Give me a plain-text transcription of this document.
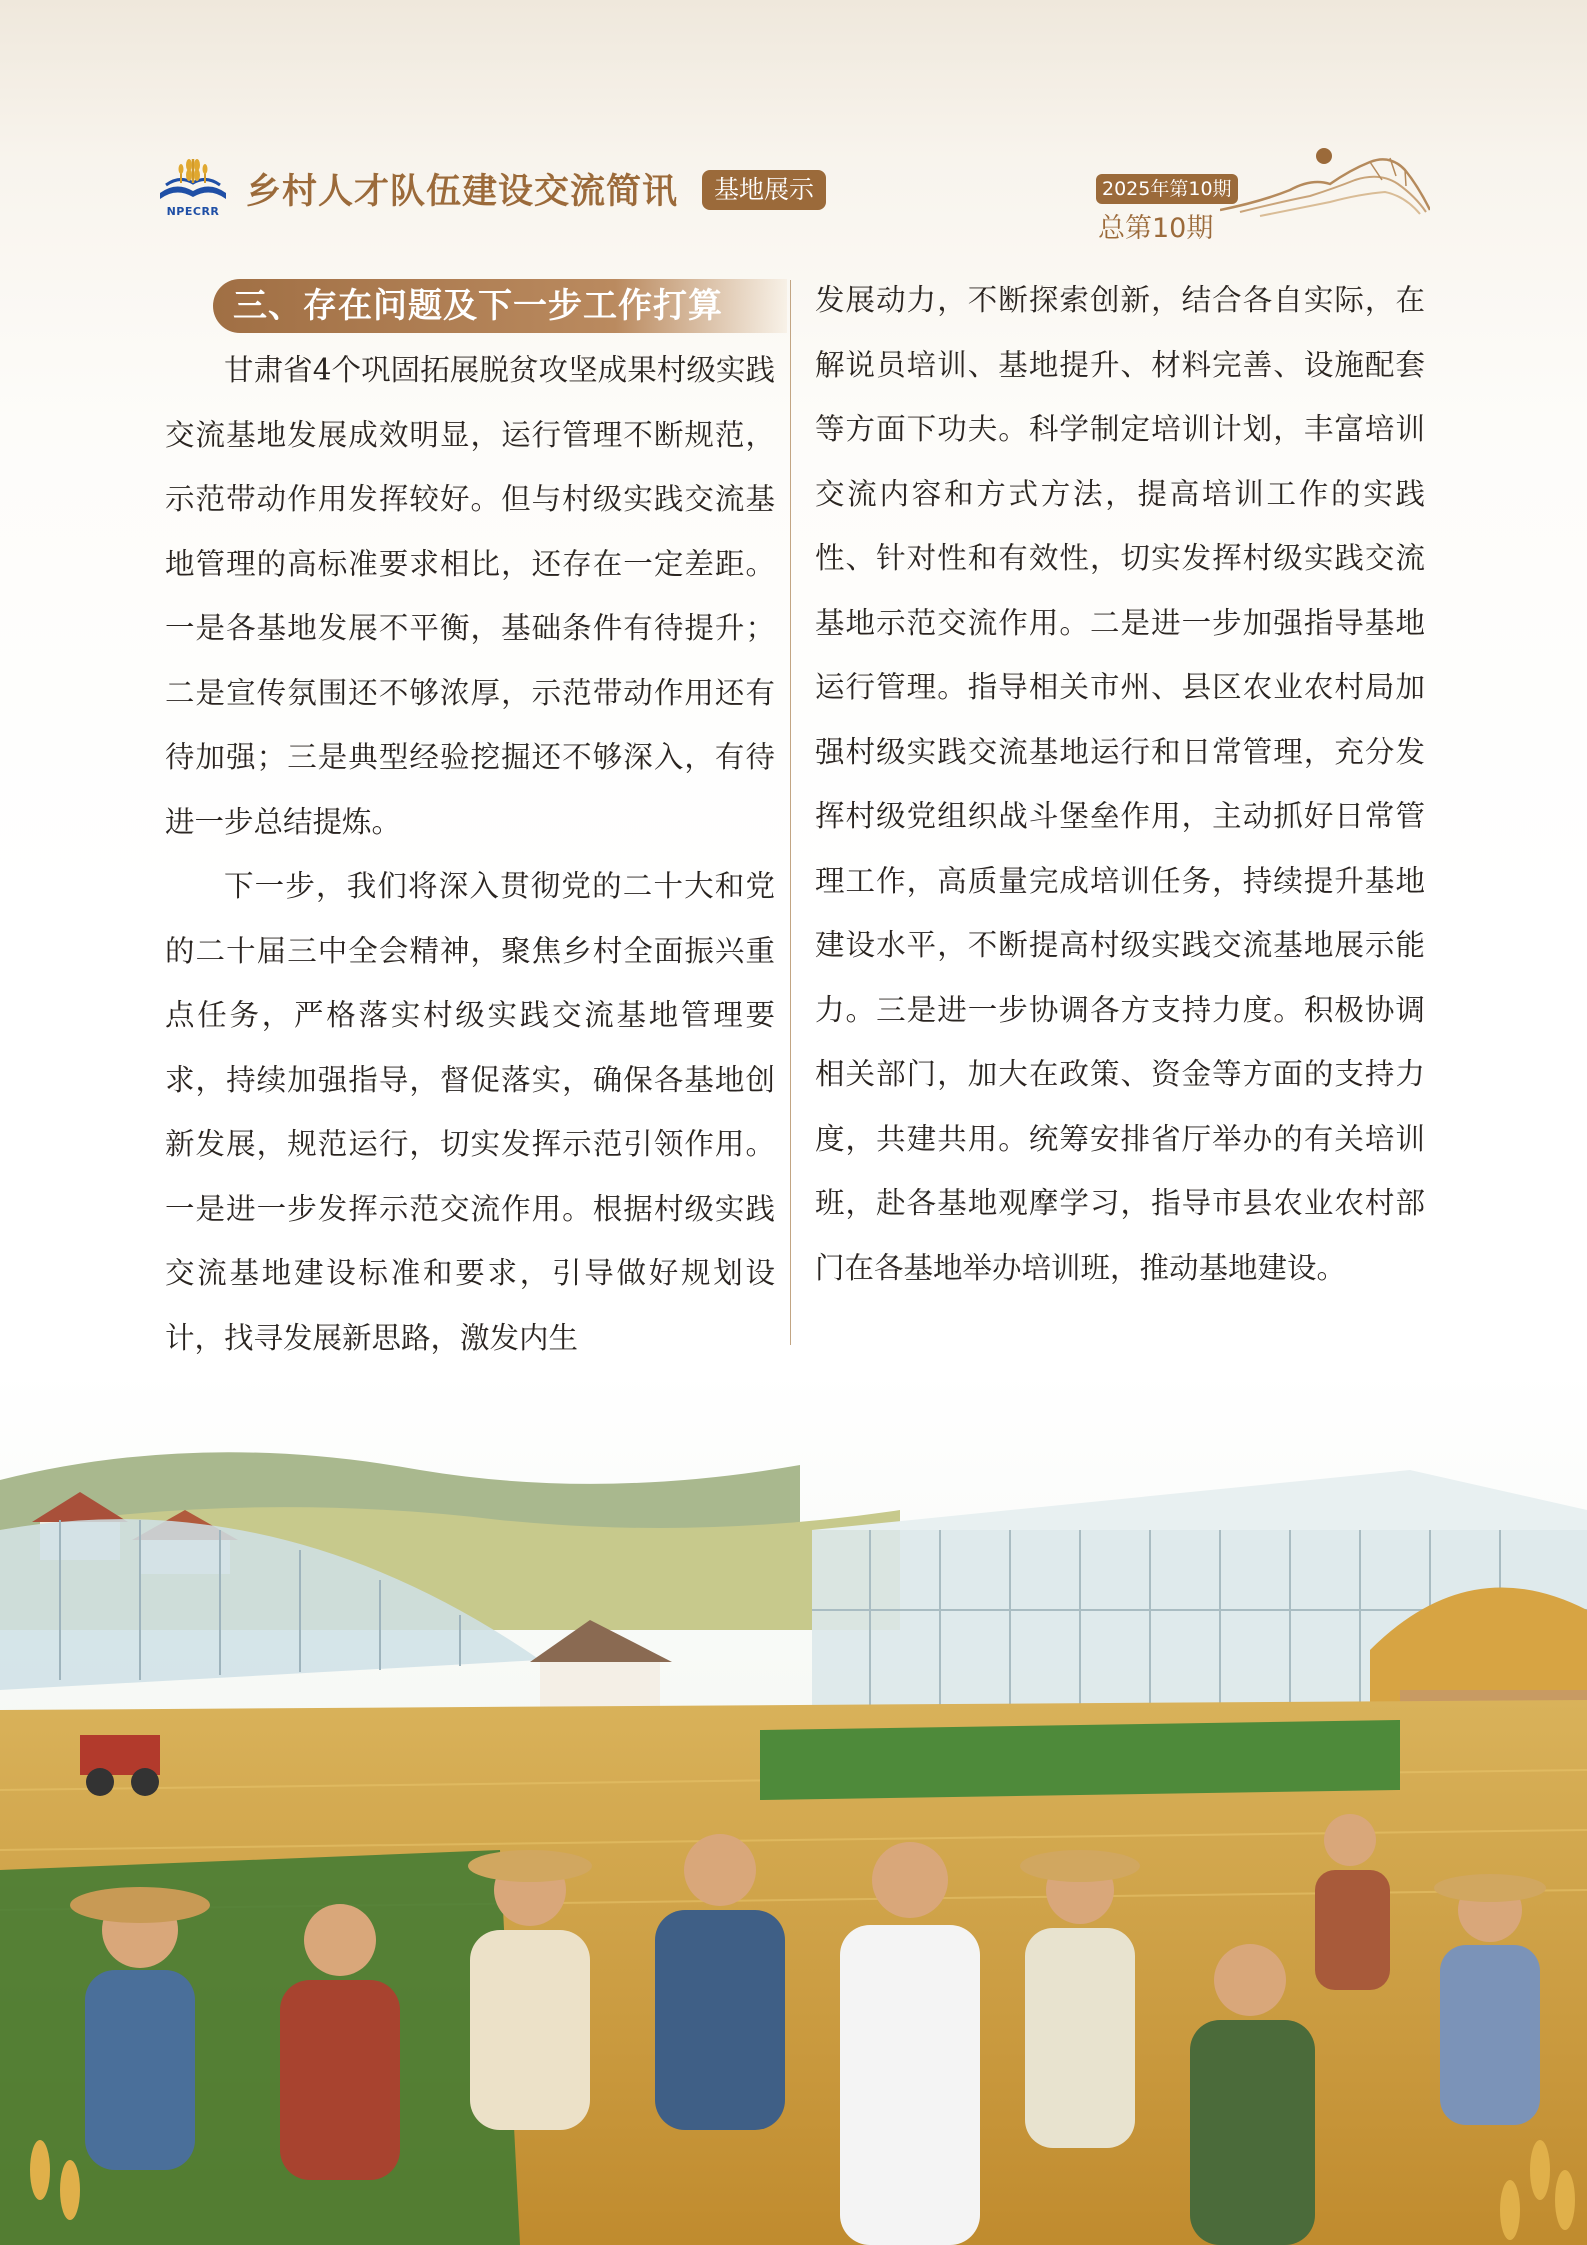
NPECRR 乡村人才队伍建设交流简讯	基地展示	2025年第10期
总第10期
三、存在问题及下一步工作打算

甘肃省4个巩固拓展脱贫攻坚成果村级实践交流基地发展成效明显，运行管理不断规范，示范带动作用发挥较好。但与村级实践交流基地管理的高标准要求相比，还存在一定差距。一是各基地发展不平衡，基础条件有待提升；二是宣传氛围还不够浓厚，示范带动作用还有待加强；三是典型经验挖掘还不够深入，有待进一步总结提炼。

下一步，我们将深入贯彻党的二十大和党的二十届三中全会精神，聚焦乡村全面振兴重点任务，严格落实村级实践交流基地管理要求，持续加强指导，督促落实，确保各基地创新发展，规范运行，切实发挥示范引领作用。一是进一步发挥示范交流作用。根据村级实践交流基地建设标准和要求，引导做好规划设计，找寻发展新思路，激发内生

发展动力，不断探索创新，结合各自实际，在解说员培训、基地提升、材料完善、设施配套等方面下功夫。科学制定培训计划，丰富培训交流内容和方式方法，提高培训工作的实践性、针对性和有效性，切实发挥村级实践交流基地示范交流作用。二是进一步加强指导基地运行管理。指导相关市州、县区农业农村局加强村级实践交流基地运行和日常管理，充分发挥村级党组织战斗堡垒作用，主动抓好日常管理工作，高质量完成培训任务，持续提升基地建设水平，不断提高村级实践交流基地展示能力。三是进一步协调各方支持力度。积极协调相关部门，加大在政策、资金等方面的支持力度，共建共用。统筹安排省厅举办的有关培训班，赴各基地观摩学习，指导市县农业农村部门在各基地举办培训班，推动基地建设。
